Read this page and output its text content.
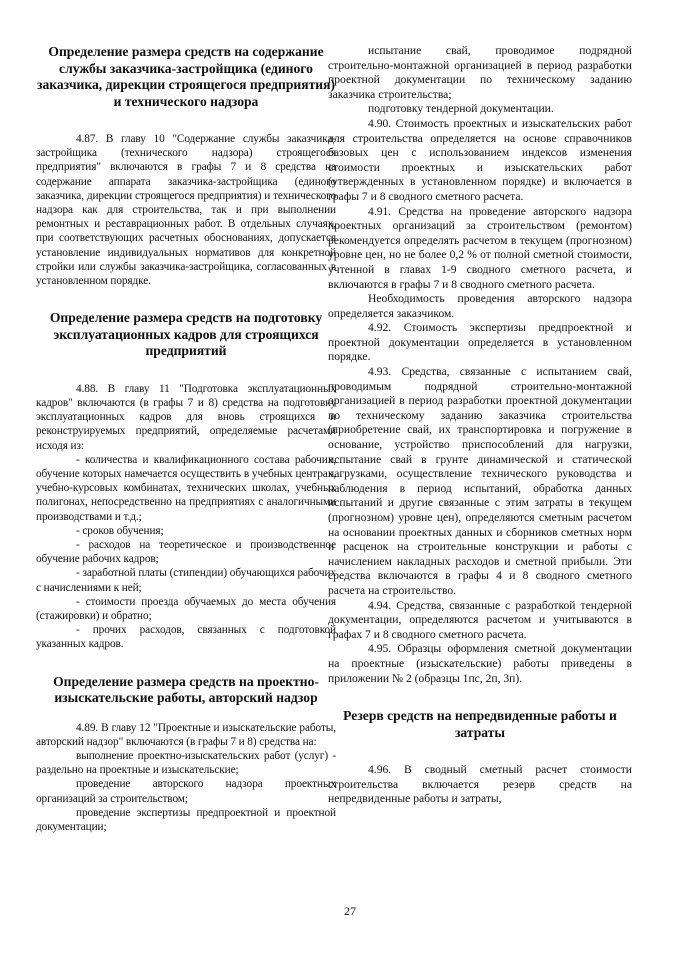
Определение размера средств на содержание службы заказчика-застройщика (единого заказчика, дирекции строящегося предприятия) и технического надзора

4.87. В главу 10 "Содержание службы заказчика-застройщика (технического надзора) строящегося предприятия" включаются в графы 7 и 8 средства на содержание аппарата заказчика-застройщика (единого заказчика, дирекции строящегося предприятия) и технического надзора как для строительства, так и при выполнении ремонтных и реставрационных работ. В отдельных случаях, при соответствующих расчетных обоснованиях, допускается установление индивидуальных нормативов для конкретной стройки или службы заказчика-застройщика, согласованных в установленном порядке.

Определение размера средств на подготовку эксплуатационных кадров для строящихся предприятий

4.88. В главу 11 "Подготовка эксплуатационных кадров" включаются (в графы 7 и 8) средства на подготовку эксплуатационных кадров для вновь строящихся и реконструируемых предприятий, определяемые расчетами исходя из:

- количества и квалификационного состава рабочих, обучение которых намечается осуществить в учебных центрах, учебно-курсовых комбинатах, технических школах, учебных полигонах, непосредственно на предприятиях с аналогичными производствами и т.д.;

- сроков обучения;

- расходов на теоретическое и производственное обучение рабочих кадров;

- заработной платы (стипендии) обучающихся рабочих с начислениями к ней;

- стоимости проезда обучаемых до места обучения (стажировки) и обратно;

- прочих расходов, связанных с подготовкой указанных кадров.

Определение размера средств на проектно-изыскательские работы, авторский надзор

4.89. В главу 12 "Проектные и изыскательские работы, авторский надзор" включаются (в графы 7 и 8) средства на:

выполнение проектно-изыскательских работ (услуг) - раздельно на проектные и изыскательские;

проведение авторского надзора проектных организаций за строительством;

проведение экспертизы предпроектной и проектной документации;

испытание свай, проводимое подрядной строительно-монтажной организацией в период разработки проектной документации по техническому заданию заказчика строительства;

подготовку тендерной документации.

4.90. Стоимость проектных и изыскательских работ для строительства определяется на основе справочников базовых цен с использованием индексов изменения стоимости проектных и изыскательских работ (утвержденных в установленном порядке) и включается в графы 7 и 8 сводного сметного расчета.

4.91. Средства на проведение авторского надзора проектных организаций за строительством (ремонтом) рекомендуется определять расчетом в текущем (прогнозном) уровне цен, но не более 0,2 % от полной сметной стоимости, учтенной в главах 1-9 сводного сметного расчета, и включаются в графы 7 и 8 сводного сметного расчета.

Необходимость проведения авторского надзора определяется заказчиком.

4.92. Стоимость экспертизы предпроектной и проектной документации определяется в установленном порядке.

4.93. Средства, связанные с испытанием свай, проводимым подрядной строительно-монтажной организацией в период разработки проектной документации по техническому заданию заказчика строительства (приобретение свай, их транспортировка и погружение в основание, устройство приспособлений для нагрузки, испытание свай в грунте динамической и статической нагрузками, осуществление технического руководства и наблюдения в период испытаний, обработка данных испытаний и другие связанные с этим затраты в текущем (прогнозном) уровне цен), определяются сметным расчетом на основании проектных данных и сборников сметных норм и расценок на строительные конструкции и работы с начислением накладных расходов и сметной прибыли. Эти средства включаются в графы 4 и 8 сводного сметного расчета на строительство.

4.94. Средства, связанные с разработкой тендерной документации, определяются расчетом и учитываются в графах 7 и 8 сводного сметного расчета.

4.95. Образцы оформления сметной документации на проектные (изыскательские) работы приведены в приложении № 2 (образцы 1пс, 2п, 3п).

Резерв средств на непредвиденные работы и затраты

4.96. В сводный сметный расчет стоимости строительства включается резерв средств на непредвиденные работы и затраты,

27
